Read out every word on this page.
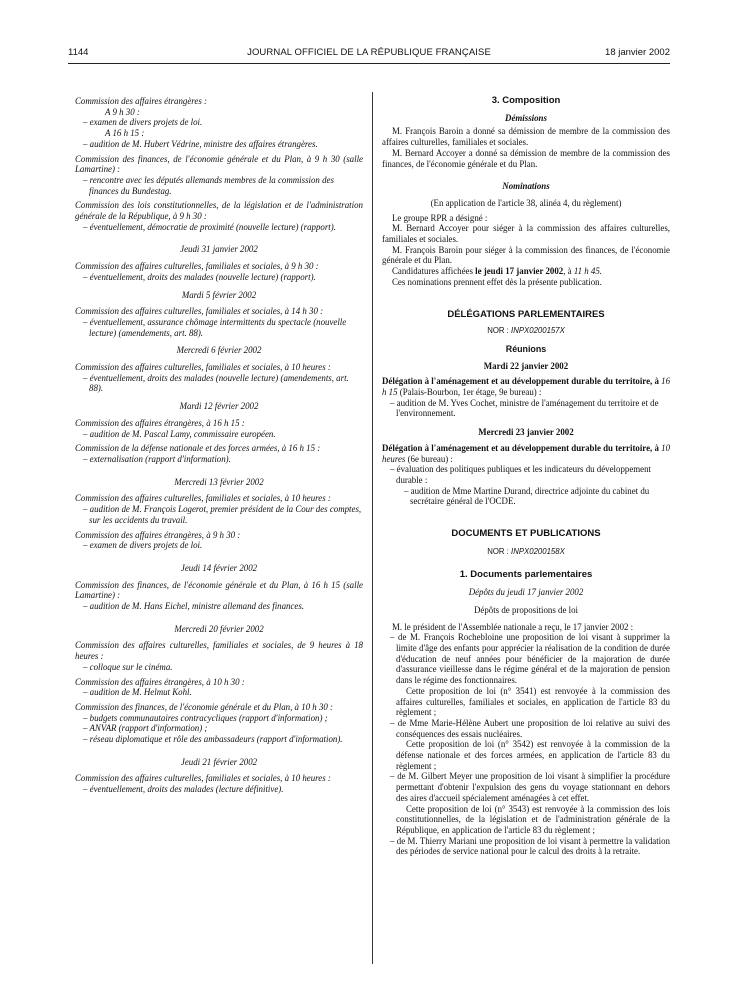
1144	JOURNAL OFFICIEL DE LA RÉPUBLIQUE FRANÇAISE	18 janvier 2002

Commission des affaires étrangères :

A 9 h 30 :

– examen de divers projets de loi.

A 16 h 15 :

– audition de M. Hubert Védrine, ministre des affaires étrangères.

Commission des finances, de l'économie générale et du Plan, à 9 h 30 (salle Lamartine) :

– rencontre avec les députés allemands membres de la commission des finances du Bundestag.

Commission des lois constitutionnelles, de la législation et de l'administration générale de la République, à 9 h 30 :

– éventuellement, démocratie de proximité (nouvelle lecture) (rapport).

Jeudi 31 janvier 2002

Commission des affaires culturelles, familiales et sociales, à 9 h 30 :

– éventuellement, droits des malades (nouvelle lecture) (rapport).

Mardi 5 février 2002

Commission des affaires culturelles, familiales et sociales, à 14 h 30 :

– éventuellement, assurance chômage intermittents du spectacle (nouvelle lecture) (amendements, art. 88).

Mercredi 6 février 2002

Commission des affaires culturelles, familiales et sociales, à 10 heures :

– éventuellement, droits des malades (nouvelle lecture) (amendements, art. 88).

Mardi 12 février 2002

Commission des affaires étrangères, à 16 h 15 :

– audition de M. Pascal Lamy, commissaire européen.

Commission de la défense nationale et des forces armées, à 16 h 15 :

– externalisation (rapport d'information).

Mercredi 13 février 2002

Commission des affaires culturelles, familiales et sociales, à 10 heures :

– audition de M. François Logerot, premier président de la Cour des comptes, sur les accidents du travail.

Commission des affaires étrangères, à 9 h 30 :

– examen de divers projets de loi.

Jeudi 14 février 2002

Commission des finances, de l'économie générale et du Plan, à 16 h 15 (salle Lamartine) :

– audition de M. Hans Eichel, ministre allemand des finances.

Mercredi 20 février 2002

Commission des affaires culturelles, familiales et sociales, de 9 heures à 18 heures :

– colloque sur le cinéma.

Commission des affaires étrangères, à 10 h 30 :

– audition de M. Helmut Kohl.

Commission des finances, de l'économie générale et du Plan, à 10 h 30 :

– budgets communautaires contracycliques (rapport d'information) ;

– ANVAR (rapport d'information) ;

– réseau diplomatique et rôle des ambassadeurs (rapport d'information).

Jeudi 21 février 2002

Commission des affaires culturelles, familiales et sociales, à 10 heures :

– éventuellement, droits des malades (lecture définitive).

3. Composition

Démissions

M. François Baroin a donné sa démission de membre de la commission des affaires culturelles, familiales et sociales.

M. Bernard Accoyer a donné sa démission de membre de la commission des finances, de l'économie générale et du Plan.

Nominations

(En application de l'article 38, alinéa 4, du règlement)

Le groupe RPR a désigné :

M. Bernard Accoyer pour siéger à la commission des affaires culturelles, familiales et sociales.

M. François Baroin pour siéger à la commission des finances, de l'économie générale et du Plan.

Candidatures affichées le jeudi 17 janvier 2002, à 11 h 45.

Ces nominations prennent effet dès la présente publication.

DÉLÉGATIONS PARLEMENTAIRES

NOR : INPX0200157X

Réunions

Mardi 22 janvier 2002

Délégation à l'aménagement et au développement durable du territoire, à 16 h 15 (Palais-Bourbon, 1er étage, 9e bureau) :

– audition de M. Yves Cochet, ministre de l'aménagement du territoire et de l'environnement.

Mercredi 23 janvier 2002

Délégation à l'aménagement et au développement durable du territoire, à 10 heures (6e bureau) :

– évaluation des politiques publiques et les indicateurs du développement durable :

– audition de Mme Martine Durand, directrice adjointe du cabinet du secrétaire général de l'OCDE.

DOCUMENTS ET PUBLICATIONS

NOR : INPX0200158X

1. Documents parlementaires

Dépôts du jeudi 17 janvier 2002

Dépôts de propositions de loi

M. le président de l'Assemblée nationale a reçu, le 17 janvier 2002 :

– de M. François Rochebloine une proposition de loi visant à supprimer la limite d'âge des enfants pour apprécier la réalisation de la condition de durée d'éducation de neuf années pour bénéficier de la majoration de durée d'assurance vieillesse dans le régime général et de la majoration de pension dans le régime des fonctionnaires.

Cette proposition de loi (n° 3541) est renvoyée à la commission des affaires culturelles, familiales et sociales, en application de l'article 83 du règlement ;

– de Mme Marie-Hélène Aubert une proposition de loi relative au suivi des conséquences des essais nucléaires.

Cette proposition de loi (n° 3542) est renvoyée à la commission de la défense nationale et des forces armées, en application de l'article 83 du règlement ;

– de M. Gilbert Meyer une proposition de loi visant à simplifier la procédure permettant d'obtenir l'expulsion des gens du voyage stationnant en dehors des aires d'accueil spécialement aménagées à cet effet.

Cette proposition de loi (n° 3543) est renvoyée à la commission des lois constitutionnelles, de la législation et de l'administration générale de la République, en application de l'article 83 du règlement ;

– de M. Thierry Mariani une proposition de loi visant à permettre la validation des périodes de service national pour le calcul des droits à la retraite.
